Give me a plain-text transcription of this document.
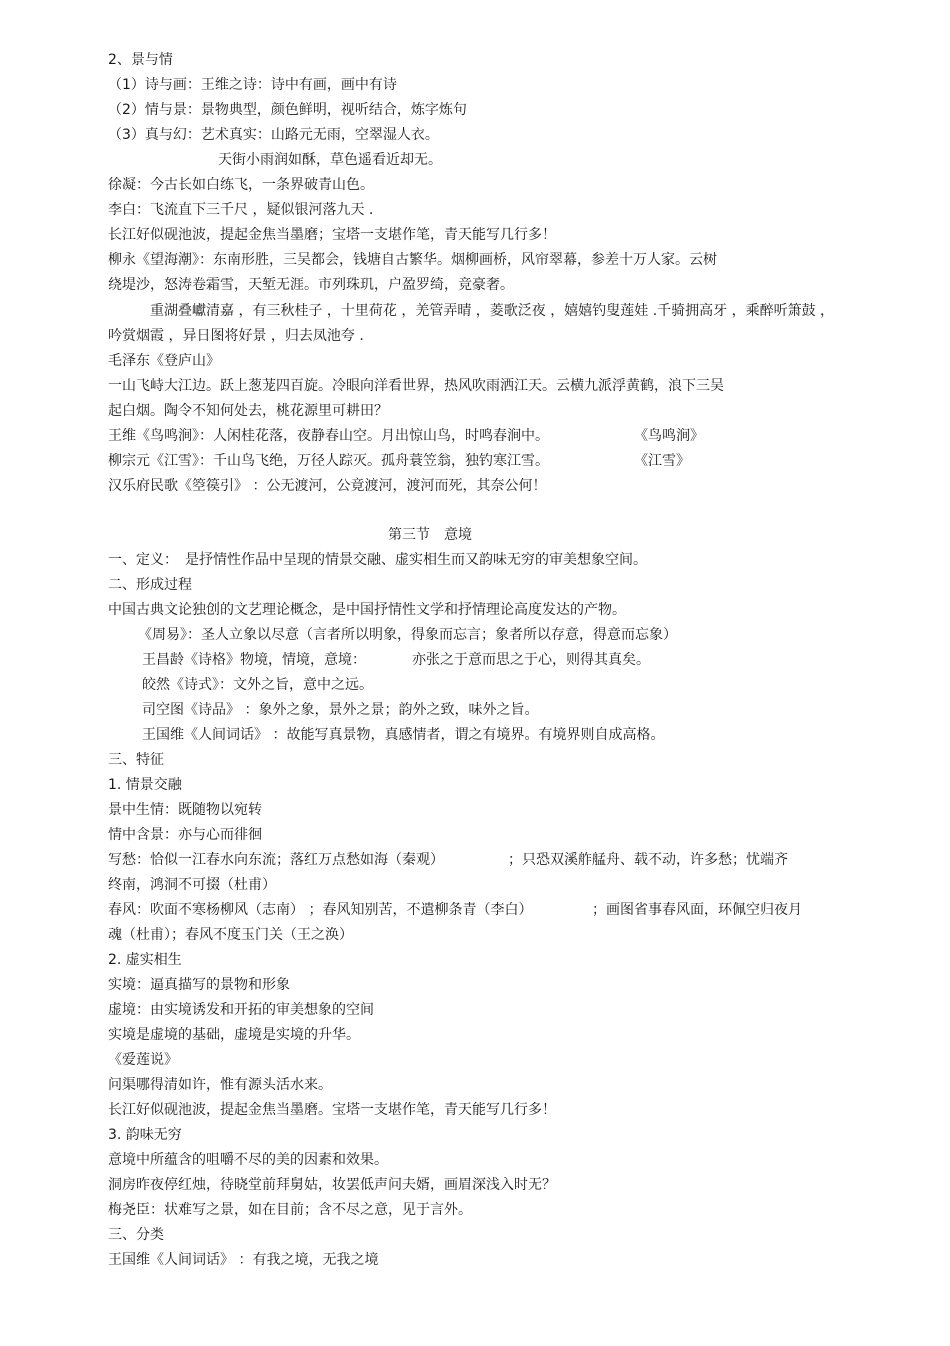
2、景与情
（1）诗与画：王维之诗：诗中有画，画中有诗
（2）情与景：景物典型，颜色鲜明，视听结合，炼字炼句
（3）真与幻：艺术真实：山路元无雨，空翠湿人衣。
天街小雨润如酥，草色遥看近却无。
徐凝：今古长如白练飞，一条界破青山色。
李白：飞流直下三千尺 ，疑似银河落九天 .
长江好似砚池波，提起金焦当墨磨；宝塔一支堪作笔，青天能写几行多！
柳永《望海潮》：东南形胜，三吴都会，钱塘自古繁华。烟柳画桥，风帘翠幕，参差十万人家。云树
绕堤沙，怒涛卷霜雪，天堑无涯。市列珠玑，户盈罗绮，竞豪奢。
重湖叠巘清嘉 ，有三秋桂子 ，十里荷花 ，羌管弄晴 ，菱歌泛夜 ，嬉嬉钓叟莲娃 .千骑拥高牙 ，乘醉听箫鼓 ，
吟赏烟霞 ，异日图将好景 ，归去凤池夸 .
毛泽东《登庐山》
一山飞峙大江边。跃上葱茏四百旋。冷眼向洋看世界，热风吹雨洒江天。云横九派浮黄鹤，浪下三吴
起白烟。陶令不知何处去，桃花源里可耕田？
王维《鸟鸣涧》：人闲桂花落，夜静春山空。月出惊山鸟，时鸣春涧中。	《鸟鸣涧》
柳宗元《江雪》：千山鸟飞绝，万径人踪灭。孤舟蓑笠翁，独钓寒江雪。	《江雪》
汉乐府民歌《箜篌引》 ：公无渡河，公竟渡河，渡河而死，其奈公何！
第三节　意境
一、定义：　是抒情性作品中呈现的情景交融、虚实相生而又韵味无穷的审美想象空间。
二、形成过程
中国古典文论独创的文艺理论概念，是中国抒情性文学和抒情理论高度发达的产物。
《周易》：圣人立象以尽意（言者所以明象，得象而忘言；象者所以存意，得意而忘象）
王昌龄《诗格》物境，情境，意境：	亦张之于意而思之于心，则得其真矣。
皎然《诗式》：文外之旨，意中之远。
司空图《诗品》 ：象外之象，景外之景；韵外之致，味外之旨。
王国维《人间词话》 ：故能写真景物，真感情者，谓之有境界。有境界则自成高格。
三、特征
1. 情景交融
景中生情：既随物以宛转
情中含景：亦与心而徘徊
写愁：恰似一江春水向东流；落红万点愁如海（秦观）	；只恐双溪舴艋舟、载不动，许多愁；忧端齐
终南，鸿洞不可掇（杜甫）
春风：吹面不寒杨柳风（志南） ；春风知别苦，不遣柳条青（李白）	；画图省事春风面，环佩空归夜月
魂（杜甫）；春风不度玉门关（王之涣）
2. 虚实相生
实境：逼真描写的景物和形象
虚境：由实境诱发和开拓的审美想象的空间
实境是虚境的基础，虚境是实境的升华。
《爱莲说》
问渠哪得清如许，惟有源头活水来。
长江好似砚池波，提起金焦当墨磨。宝塔一支堪作笔，青天能写几行多！
3. 韵味无穷
意境中所蕴含的咀嚼不尽的美的因素和效果。
洞房昨夜停红烛，待晓堂前拜舅姑，妆罢低声问夫婿，画眉深浅入时无？
梅尧臣：状难写之景，如在目前；含不尽之意，见于言外。
三、分类
王国维《人间词话》 ：有我之境，无我之境
